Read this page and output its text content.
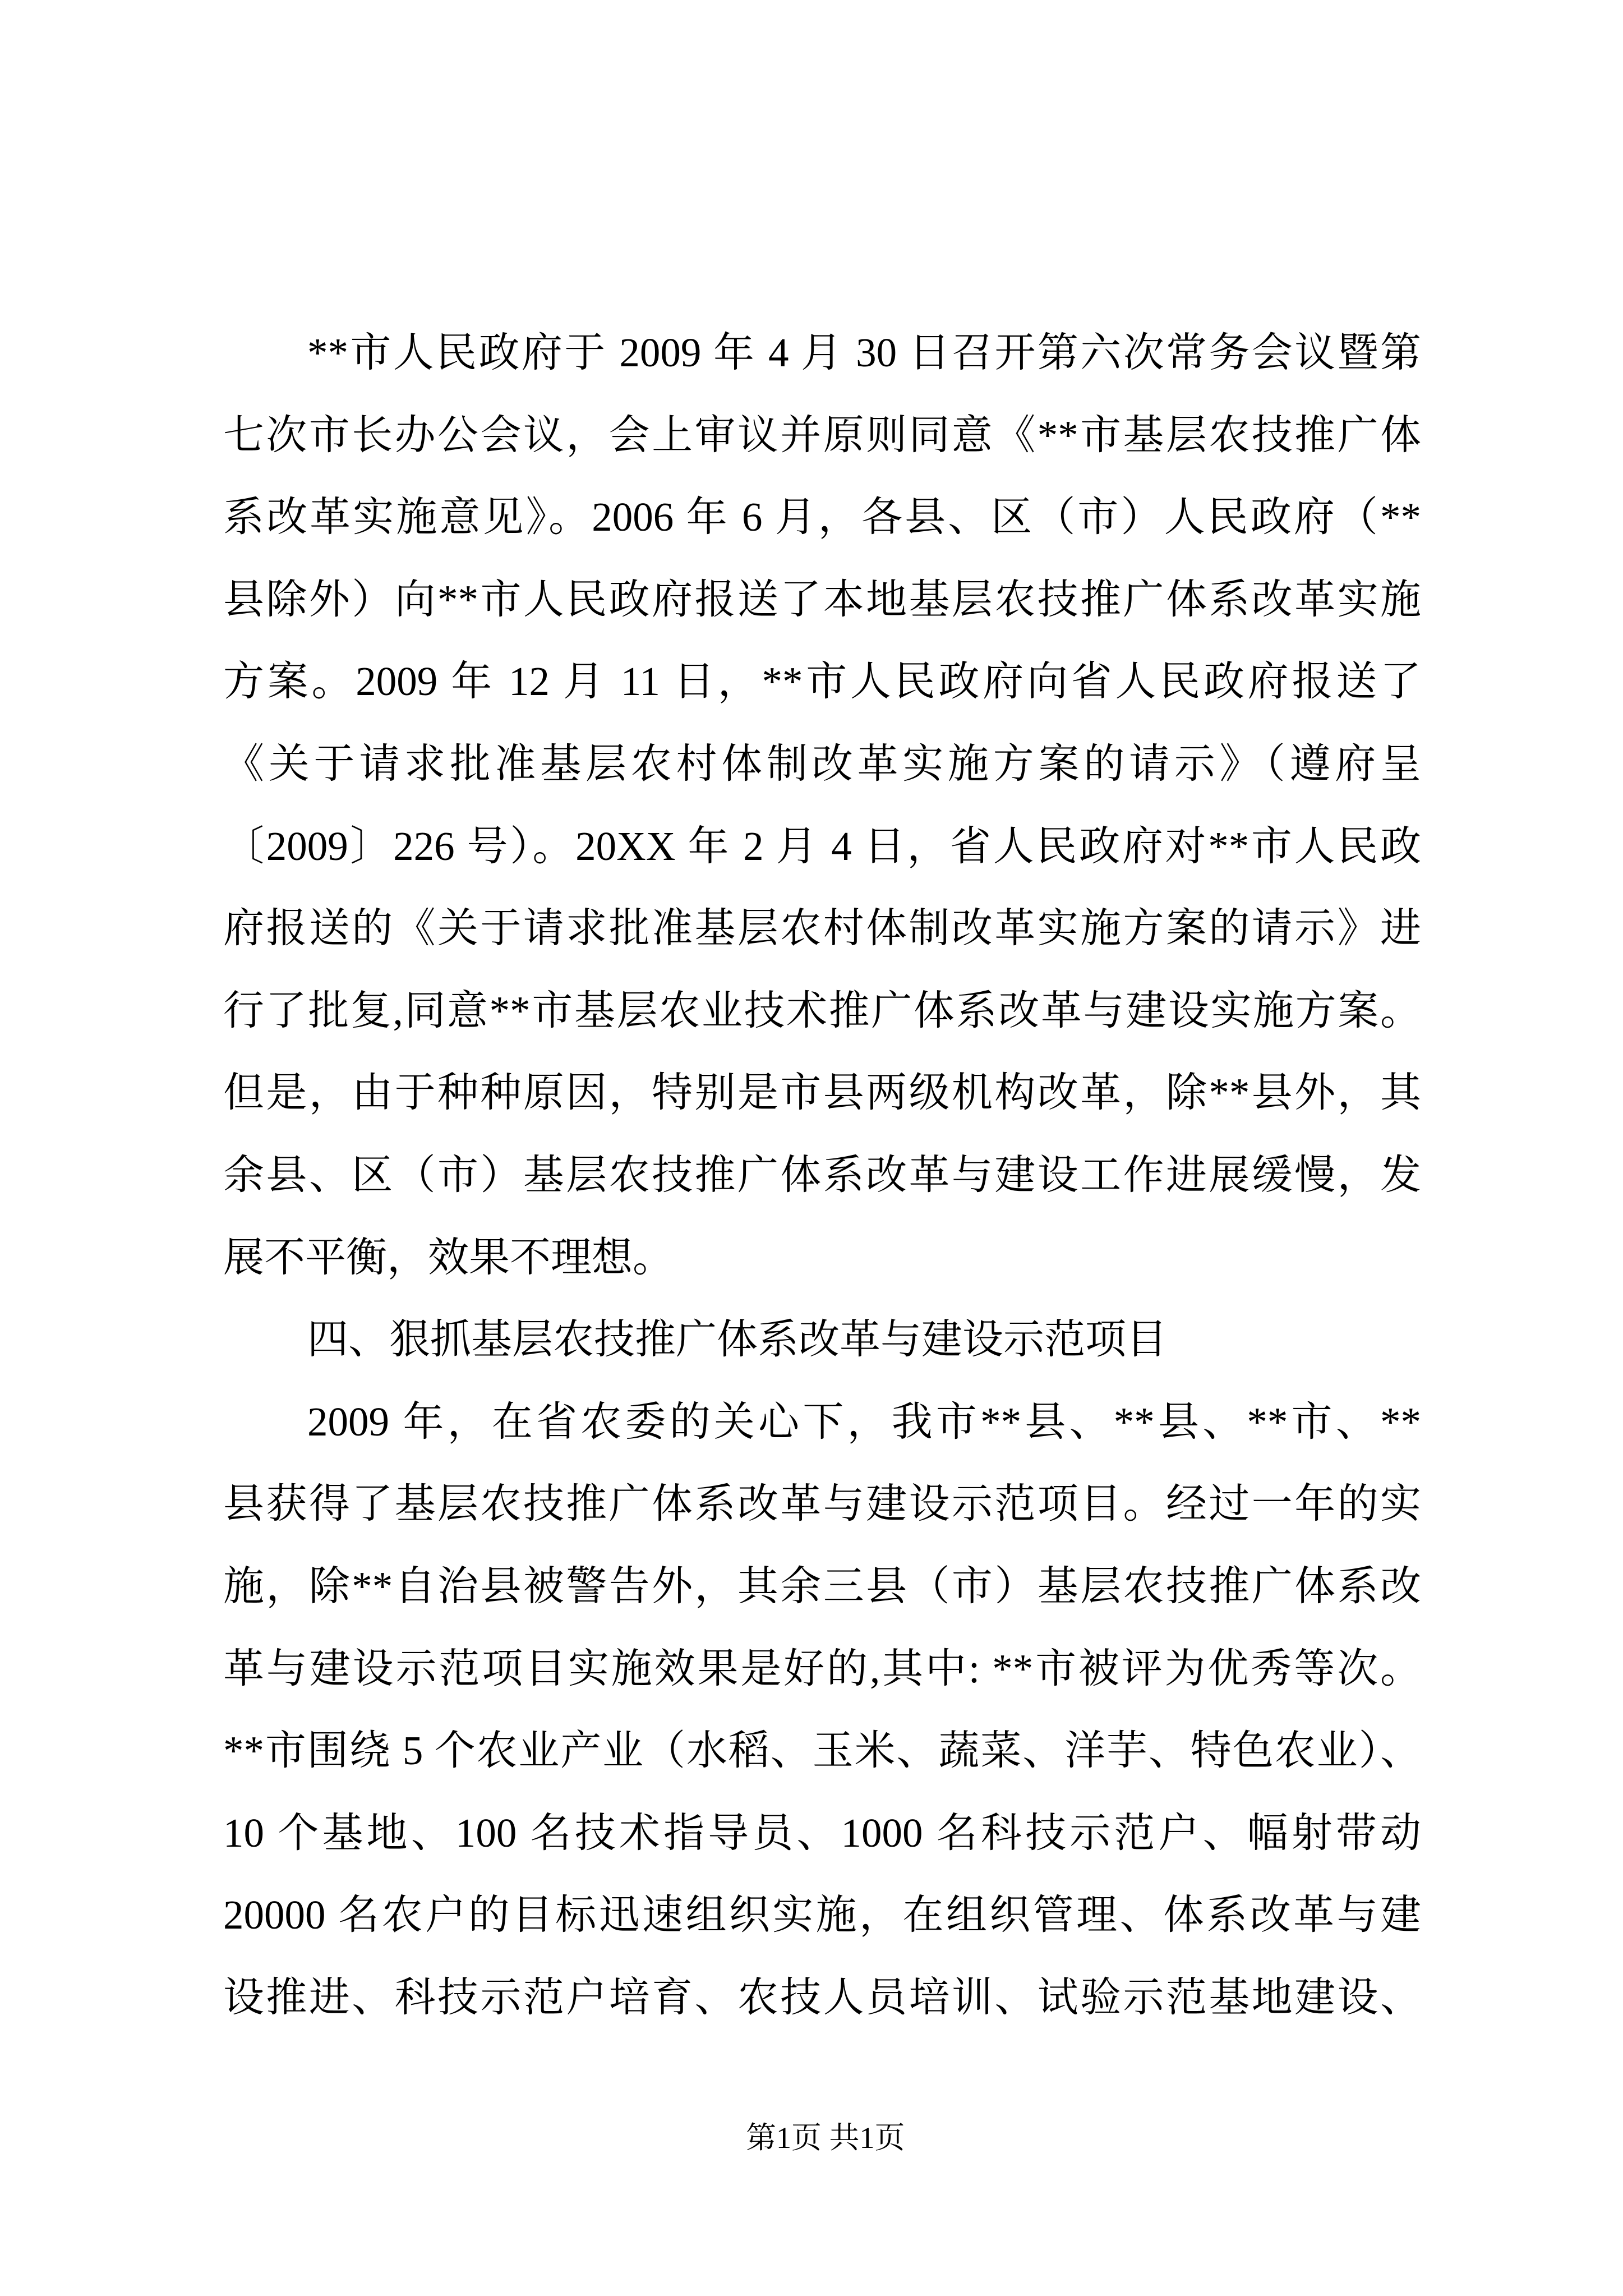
**市人民政府于 2009 年 4 月 30 日召开第六次常务会议暨第
七次市长办公会议，会上审议并原则同意《**市基层农技推广体
系改革实施意见》。2006 年 6 月，各县、区（市）人民政府（**
县除外）向**市人民政府报送了本地基层农技推广体系改革实施
方案。2009 年 12 月 11 日，**市人民政府向省人民政府报送了
《关于请求批准基层农村体制改革实施方案的请示》（遵府呈
〔2009〕226 号）。20XX 年 2 月 4 日，省人民政府对**市人民政
府报送的《关于请求批准基层农村体制改革实施方案的请示》进
行了批复,同意**市基层农业技术推广体系改革与建设实施方案。
但是，由于种种原因，特别是市县两级机构改革，除**县外，其
余县、区（市）基层农技推广体系改革与建设工作进展缓慢，发
展不平衡，效果不理想。
四、狠抓基层农技推广体系改革与建设示范项目
2009 年，在省农委的关心下，我市**县、**县、**市、**
县获得了基层农技推广体系改革与建设示范项目。经过一年的实
施，除**自治县被警告外，其余三县（市）基层农技推广体系改
革与建设示范项目实施效果是好的,其中: **市被评为优秀等次。
**市围绕 5 个农业产业（水稻、玉米、蔬菜、洋芋、特色农业）、
10 个基地、100 名技术指导员、1000 名科技示范户、幅射带动
20000 名农户的目标迅速组织实施，在组织管理、体系改革与建
设推进、科技示范户培育、农技人员培训、试验示范基地建设、
第1页 共1页
